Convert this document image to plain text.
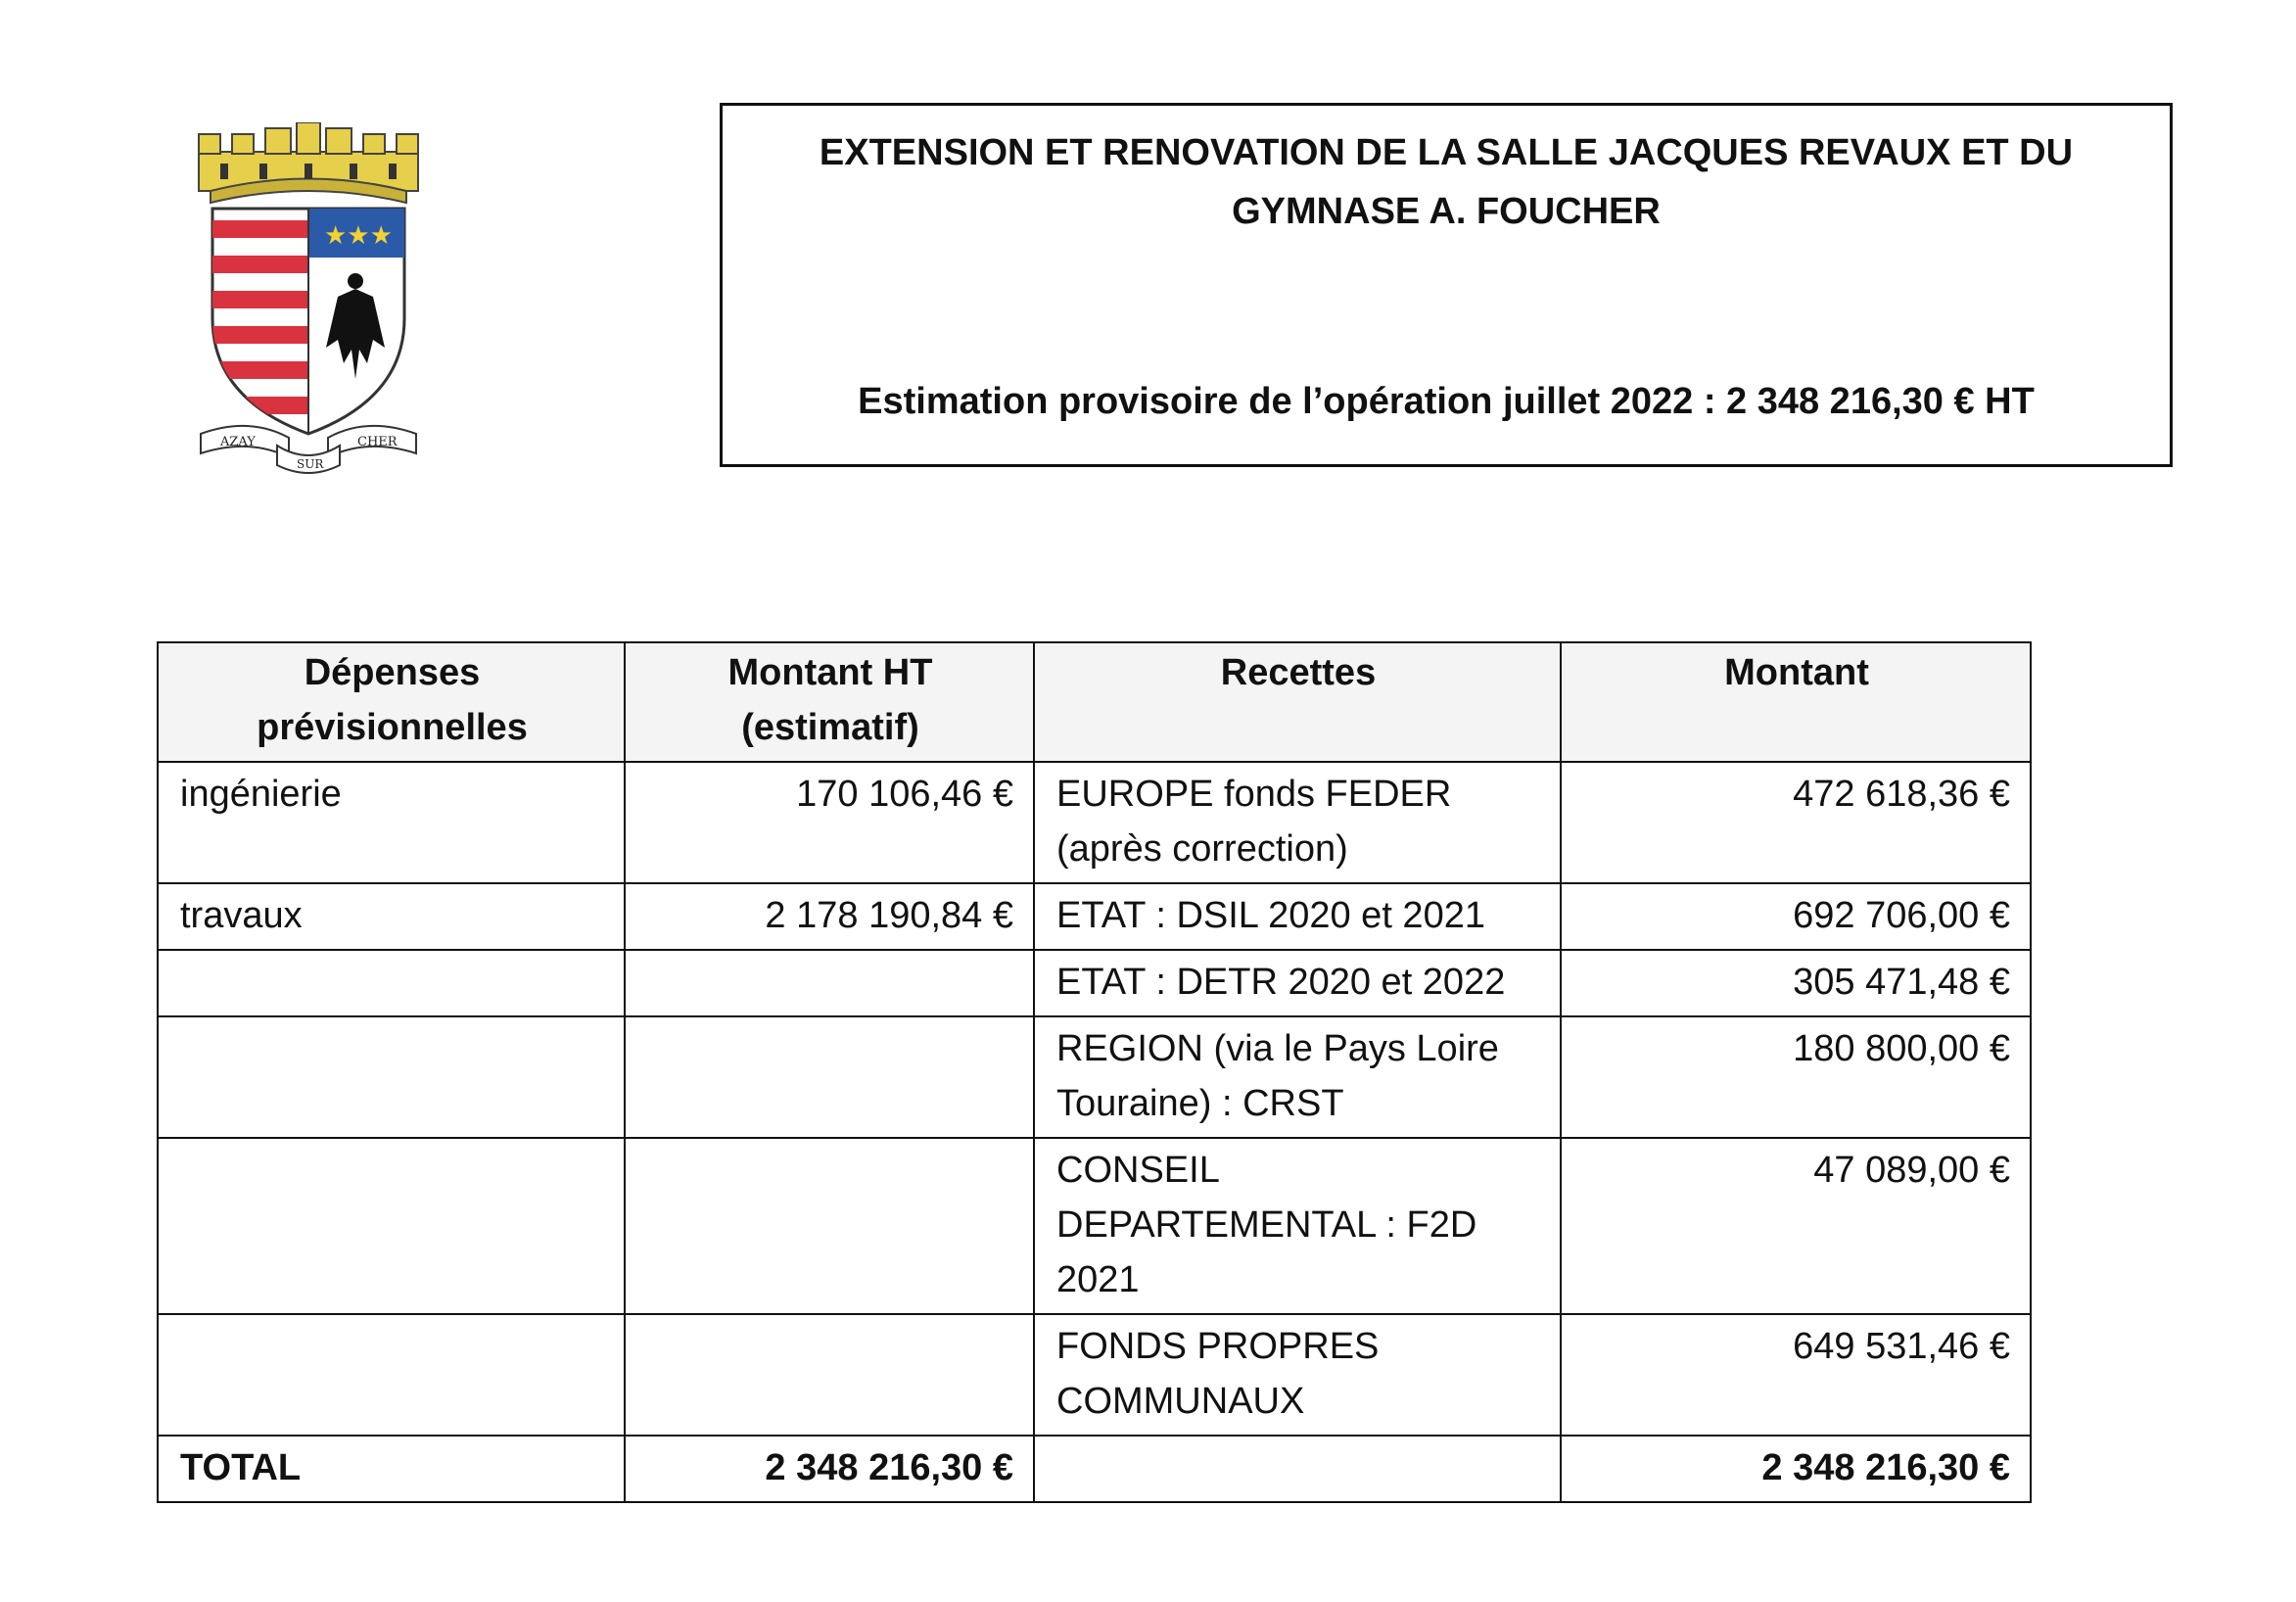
★★★
AZAY
SUR
CHER
EXTENSION ET RENOVATION DE LA SALLE JACQUES REVAUX ET DU
GYMNASE A. FOUCHER
Estimation provisoire de l’opération juillet 2022 : 2 348 216,30 € HT
Dépenses prévisionnelles	Montant HT (estimatif)	Recettes	Montant
ingénierie	170 106,46 €	EUROPE fonds FEDER (après correction)	472 618,36 €
travaux	2 178 190,84 €	ETAT : DSIL 2020 et 2021	692 706,00 €
		ETAT : DETR 2020 et 2022	305 471,48 €
		REGION (via le Pays Loire Touraine) : CRST	180 800,00 €
		CONSEIL DEPARTEMENTAL : F2D 2021	47 089,00 €
		FONDS PROPRES COMMUNAUX	649 531,46 €
TOTAL	2 348 216,30 €		2 348 216,30 €
